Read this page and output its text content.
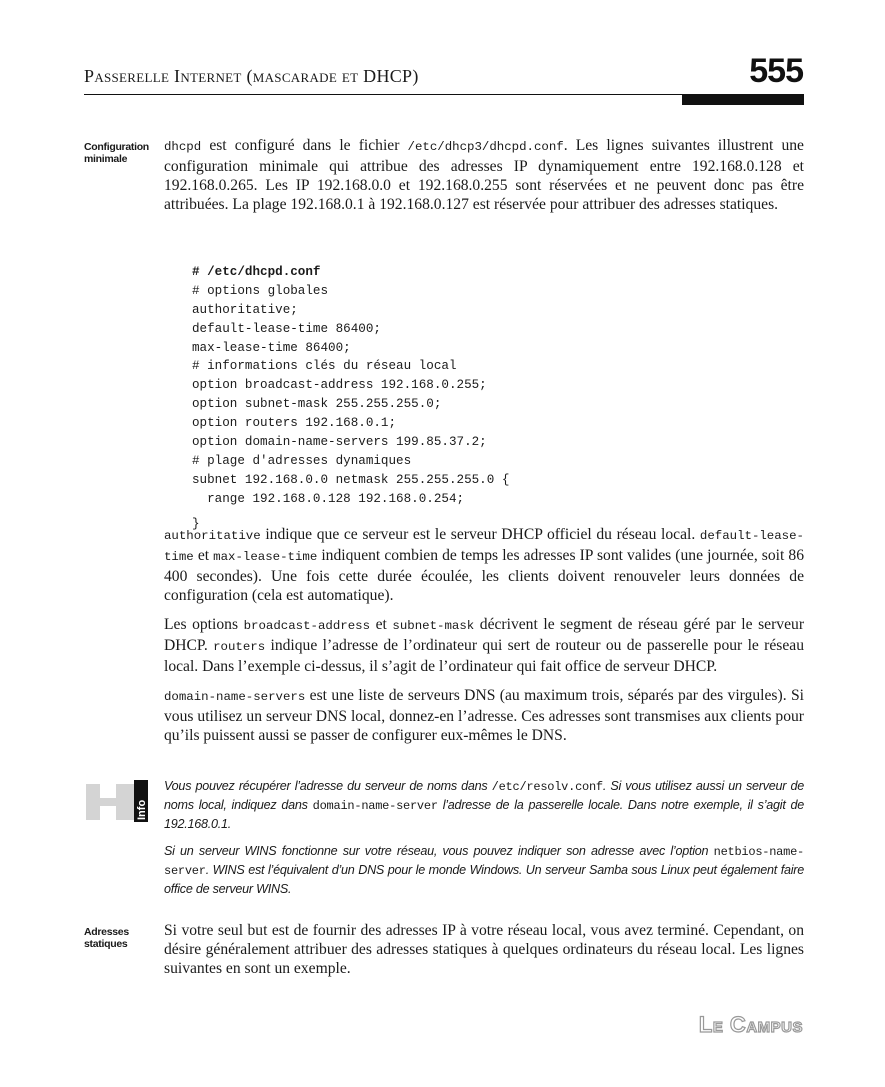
Passerelle Internet (mascarade et DHCP)	555
Configuration
minimale

dhcpd est configuré dans le fichier /etc/dhcp3/dhcpd.conf. Les lignes suivantes illustrent une configuration minimale qui attribue des adresses IP dynamiquement entre 192.168.0.128 et 192.168.0.265. Les IP 192.168.0.0 et 192.168.0.255 sont réservées et ne peuvent donc pas être attribuées. La plage 192.168.0.1 à 192.168.0.127 est réservée pour attribuer des adresses statiques.

# /etc/dhcpd.conf
# options globales
authoritative;
default-lease-time 86400;
max-lease-time 86400;
# informations clés du réseau local
option broadcast-address 192.168.0.255;
option subnet-mask 255.255.255.0;
option routers 192.168.0.1;
option domain-name-servers 199.85.37.2;
# plage d'adresses dynamiques
subnet 192.168.0.0 netmask 255.255.255.0 {
range 192.168.0.128 192.168.0.254;
}

authoritative indique que ce serveur est le serveur DHCP officiel du réseau local. default-lease-time et max-lease-time indiquent combien de temps les adresses IP sont valides (une journée, soit 86 400 secondes). Une fois cette durée écoulée, les clients doivent renouveler leurs données de configuration (cela est automatique).

Les options broadcast-address et subnet-mask décrivent le segment de réseau géré par le serveur DHCP. routers indique l’adresse de l’ordinateur qui sert de routeur ou de passerelle pour le réseau local. Dans l’exemple ci-dessus, il s’agit de l’ordinateur qui fait office de serveur DHCP.

domain-name-servers est une liste de serveurs DNS (au maximum trois, séparés par des virgules). Si vous utilisez un serveur DNS local, donnez-en l’adresse. Ces adresses sont transmises aux clients pour qu’ils puissent aussi se passer de configurer eux-mêmes le DNS.

Info

Vous pouvez récupérer l’adresse du serveur de noms dans /etc/resolv.conf. Si vous utilisez aussi un serveur de noms local, indiquez dans domain-name-server l’adresse de la passerelle locale. Dans notre exemple, il s’agit de 192.168.0.1.

Si un serveur WINS fonctionne sur votre réseau, vous pouvez indiquer son adresse avec l’option netbios-name-server. WINS est l’équivalent d’un DNS pour le monde Windows. Un serveur Samba sous Linux peut également faire office de serveur WINS.

Adresses
statiques

Si votre seul but est de fournir des adresses IP à votre réseau local, vous avez terminé. Cependant, on désire généralement attribuer des adresses statiques à quelques ordinateurs du réseau local. Les lignes suivantes en sont un exemple.

Le Campus
